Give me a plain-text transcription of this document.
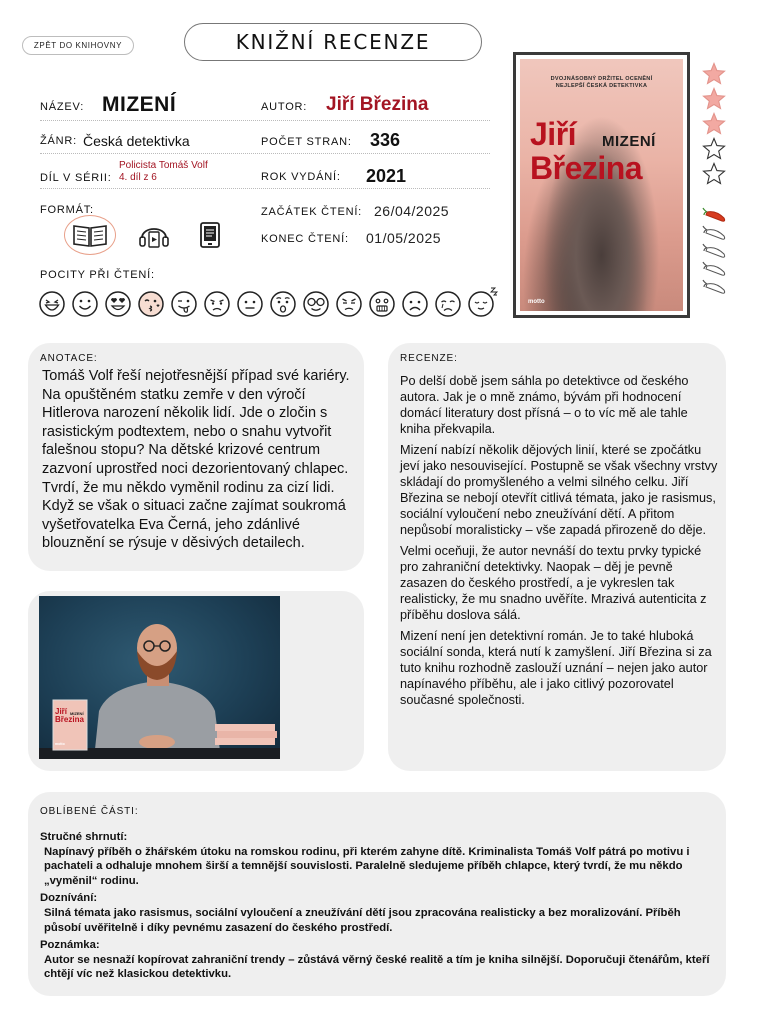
ZPĚT DO KNIHOVNY	KNIŽNÍ RECENZE
NÁZEV: MIZENÍ	AUTOR: Jiří Březina
ŽÁNR: Česká detektivka	POČET STRAN: 336
DÍL V SÉRII:
Policista Tomáš Volf
4. díl z 6	ROK VYDÁNÍ: 2021
FORMÁT:	ZAČÁTEK ČTENÍ: 26/04/2025
KONEC ČTENÍ: 01/05/2025
POCITY PŘI ČTENÍ:
DVOJNÁSOBNÝ DRŽITEL OCENĚNÍ
NEJLEPŠÍ ČESKÁ DETEKTIVKA
Jiří
Březina
MIZENÍ
motto
ANOTACE:
Tomáš Volf řeší nejotřesnější případ své kariéry. Na opuštěném statku zemře v den výročí Hitlerova narození několik lidí. Jde o zločin s rasistickým podtextem, nebo o snahu vytvořit falešnou stopu? Na dětské krizové centrum zazvoní uprostřed noci dezorientovaný chlapec. Tvrdí, že mu někdo vyměnil rodinu za cizí lidi. Když se však o situaci začne zajímat soukromá vyšetřovatelka Eva Černá, jeho zdánlivé blouznění se rýsuje v děsivých detailech.
Jiří
Březina
MIZENÍ
motto
RECENZE:

Po delší době jsem sáhla po detektivce od českého autora. Jak je o mně známo, bývám při hodnocení domácí literatury dost přísná – o to víc mě ale tahle kniha překvapila.

Mizení nabízí několik dějových linií, které se zpočátku jeví jako nesouvisející. Postupně se však všechny vrstvy skládají do promyšleného a velmi silného celku. Jiří Březina se nebojí otevřít citlivá témata, jako je rasismus, sociální vyloučení nebo zneužívání dětí. A přitom nepůsobí moralisticky – vše zapadá přirozeně do děje.

Velmi oceňuji, že autor nevnáší do textu prvky typické pro zahraniční detektivky. Naopak – děj je pevně zasazen do českého prostředí, a je vykreslen tak realisticky, že mu snadno uvěříte. Mrazivá autenticita z příběhu doslova sálá.

Mizení není jen detektivní román. Je to také hluboká sociální sonda, která nutí k zamyšlení. Jiří Březina si za tuto knihu rozhodně zaslouží uznání – nejen jako autor napínavého příběhu, ale i jako citlivý pozorovatel současné společnosti.

OBLÍBENÉ ČÁSTI:
Stručné shrnutí:
Napínavý příběh o žhářském útoku na romskou rodinu, při kterém zahyne dítě. Kriminalista Tomáš Volf pátrá po motivu i pachateli a odhaluje mnohem širší a temnější souvislosti. Paralelně sledujeme příběh chlapce, který tvrdí, že mu někdo „vyměnil“ rodinu.
Doznívání:
Silná témata jako rasismus, sociální vyloučení a zneužívání dětí jsou zpracována realisticky a bez moralizování. Příběh působí uvěřitelně i díky pevnému zasazení do českého prostředí.
Poznámka:
Autor se nesnaží kopírovat zahraniční trendy – zůstává věrný české realitě a tím je kniha silnější. Doporučuji čtenářům, kteří chtějí víc než klasickou detektivku.
